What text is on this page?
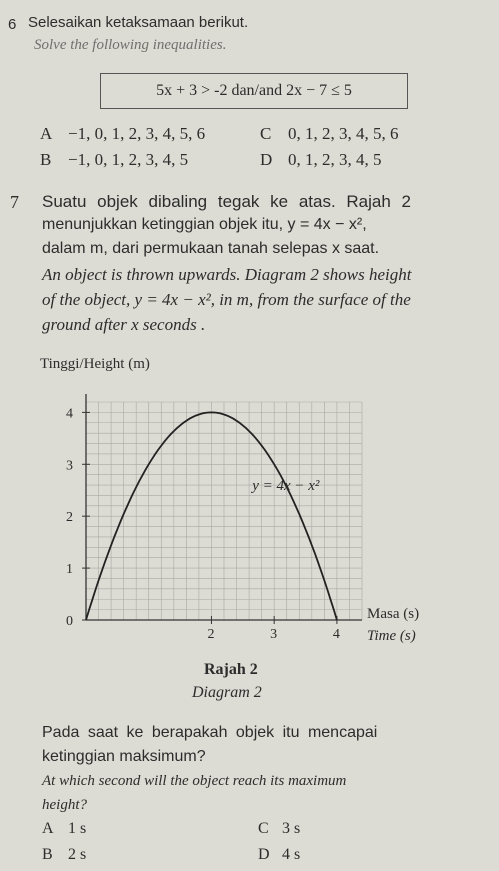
6 Selesaikan ketaksamaan berikut.
Solve the following inequalities.
5x + 3 > -2 dan/and 2x − 7 ≤ 5
A −1, 0, 1, 2, 3, 4, 5, 6	C 0, 1, 2, 3, 4, 5, 6
B −1, 0, 1, 2, 3, 4, 5	D 0, 1, 2, 3, 4, 5
7 Suatu objek dibaling tegak ke atas. Rajah 2
menunjukkan ketinggian objek itu, y = 4x − x²,
dalam m, dari permukaan tanah selepas x saat.
An object is thrown upwards. Diagram 2 shows height
of the object, y = 4x − x², in m, from the surface of the
ground after x seconds .
Tinggi/Height (m)
0
1
2
3
4
2	3	4
y = 4x − x²
Masa (s)
Time (s)
Rajah 2
Diagram 2
Pada saat ke berapakah objek itu mencapai
ketinggian maksimum?
At which second will the object reach its maximum
height?
A 1 s	C 3 s
B 2 s	D 4 s
